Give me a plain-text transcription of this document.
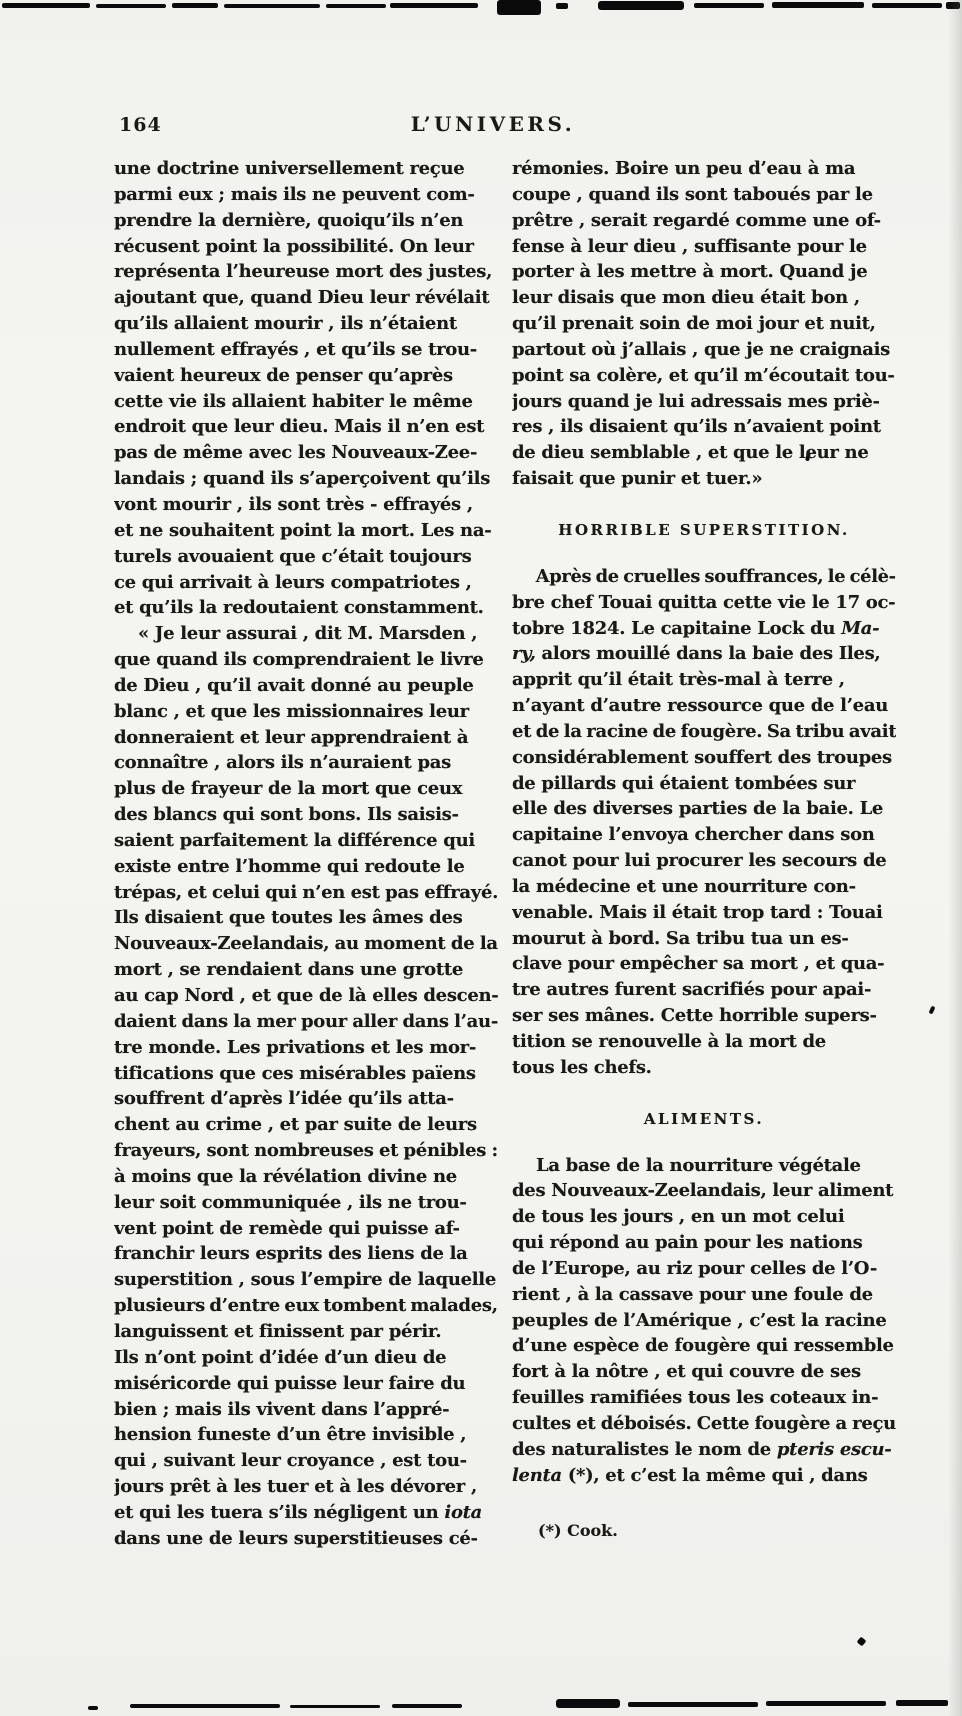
164	L’UNIVERS.
une doctrine universellement reçue
parmi eux ; mais ils ne peuvent com-
prendre la dernière, quoiqu’ils n’en
récusent point la possibilité. On leur
représenta l’heureuse mort des justes,
ajoutant que, quand Dieu leur révélait
qu’ils allaient mourir , ils n’étaient
nullement effrayés , et qu’ils se trou-
vaient heureux de penser qu’après
cette vie ils allaient habiter le même
endroit que leur dieu. Mais il n’en est
pas de même avec les Nouveaux-Zee-
landais ; quand ils s’aperçoivent qu’ils
vont mourir , ils sont très - effrayés ,
et ne souhaitent point la mort. Les na-
turels avouaient que c’était toujours
ce qui arrivait à leurs compatriotes ,
et qu’ils la redoutaient constamment.
« Je leur assurai , dit M. Marsden ,
que quand ils comprendraient le livre
de Dieu , qu’il avait donné au peuple
blanc , et que les missionnaires leur
donneraient et leur apprendraient à
connaître , alors ils n’auraient pas
plus de frayeur de la mort que ceux
des blancs qui sont bons. Ils saisis-
saient parfaitement la différence qui
existe entre l’homme qui redoute le
trépas, et celui qui n’en est pas effrayé.
Ils disaient que toutes les âmes des
Nouveaux-Zeelandais, au moment de la
mort , se rendaient dans une grotte
au cap Nord , et que de là elles descen-
daient dans la mer pour aller dans l’au-
tre monde. Les privations et les mor-
tifications que ces misérables païens
souffrent d’après l’idée qu’ils atta-
chent au crime , et par suite de leurs
frayeurs, sont nombreuses et pénibles :
à moins que la révélation divine ne
leur soit communiquée , ils ne trou-
vent point de remède qui puisse af-
franchir leurs esprits des liens de la
superstition , sous l’empire de laquelle
plusieurs d’entre eux tombent malades,
languissent et finissent par périr.
Ils n’ont point d’idée d’un dieu de
miséricorde qui puisse leur faire du
bien ; mais ils vivent dans l’appré-
hension funeste d’un être invisible ,
qui , suivant leur croyance , est tou-
jours prêt à les tuer et à les dévorer ,
et qui les tuera s’ils négligent un iota
dans une de leurs superstitieuses cé-
rémonies. Boire un peu d’eau à ma
coupe , quand ils sont taboués par le
prêtre , serait regardé comme une of-
fense à leur dieu , suffisante pour le
porter à les mettre à mort. Quand je
leur disais que mon dieu était bon ,
qu’il prenait soin de moi jour et nuit,
partout où j’allais , que je ne craignais
point sa colère, et qu’il m’écoutait tou-
jours quand je lui adressais mes priè-
res , ils disaient qu’ils n’avaient point
de dieu semblable , et que le leur ne
faisait que punir et tuer.»
HORRIBLE SUPERSTITION.
Après de cruelles souffrances, le célè-
bre chef Touai quitta cette vie le 17 oc-
tobre 1824. Le capitaine Lock du Ma-
ry, alors mouillé dans la baie des Iles,
apprit qu’il était très-mal à terre ,
n’ayant d’autre ressource que de l’eau
et de la racine de fougère. Sa tribu avait
considérablement souffert des troupes
de pillards qui étaient tombées sur
elle des diverses parties de la baie. Le
capitaine l’envoya chercher dans son
canot pour lui procurer les secours de
la médecine et une nourriture con-
venable. Mais il était trop tard : Touai
mourut à bord. Sa tribu tua un es-
clave pour empêcher sa mort , et qua-
tre autres furent sacrifiés pour apai-
ser ses mânes. Cette horrible supers-
tition se renouvelle à la mort de
tous les chefs.
ALIMENTS.
La base de la nourriture végétale
des Nouveaux-Zeelandais, leur aliment
de tous les jours , en un mot celui
qui répond au pain pour les nations
de l’Europe, au riz pour celles de l’O-
rient , à la cassave pour une foule de
peuples de l’Amérique , c’est la racine
d’une espèce de fougère qui ressemble
fort à la nôtre , et qui couvre de ses
feuilles ramifiées tous les coteaux in-
cultes et déboisés. Cette fougère a reçu
des naturalistes le nom de pteris escu-
lenta (*), et c’est la même qui , dans
(*) Cook.
